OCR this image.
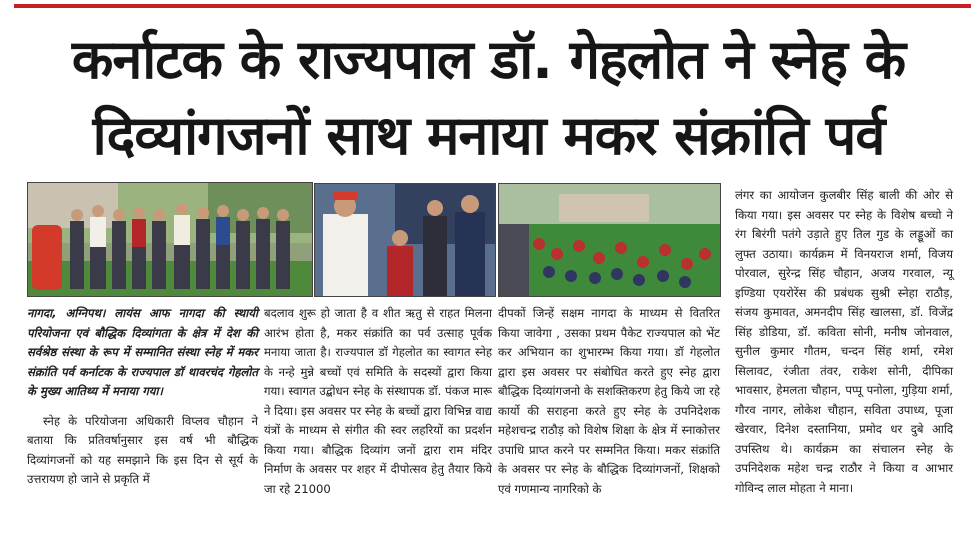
कर्नाटक के राज्यपाल डॉ. गेहलोत ने स्नेह के
दिव्यांगजनों साथ मनाया मकर संक्रांति पर्व

नागदा, अग्निपथ। लायंस आफ नागदा की स्थायी परियोजना एवं बौद्धिक दिव्यांगता के क्षेत्र में देश की सर्वश्रेष्ठ संस्था के रूप में सम्मानित संस्था स्नेह में मकर संक्रांति पर्व कर्नाटक के राज्यपाल डॉ थावरचंद गेहलोत के मुख्य आतिथ्य में मनाया गया।

स्नेह के परियोजना अधिकारी विप्लव चौहान ने बताया कि प्रतिवर्षानुसार इस वर्ष भी बौद्धिक दिव्यांगजनों को यह समझाने कि इस दिन से सूर्य के उत्तरायण हो जाने से प्रकृति में

बदलाव शुरू हो जाता है व शीत ऋतु से राहत मिलना आरंभ होता है, मकर संक्रांति का पर्व उत्साह पूर्वक मनाया जाता है। राज्यपाल डॉ गेहलोत का स्वागत स्नेह के नन्हे मुन्ने बच्चों एवं समिति के सदस्यों द्वारा किया गया। स्वागत उद्बोधन स्नेह के संस्थापक डॉ. पंकज मारू ने दिया। इस अवसर पर स्नेह के बच्चों द्वारा विभिन्न वाद्य यंत्रों के माध्यम से संगीत की स्वर लहरियों का प्रदर्शन किया गया। बौद्धिक दिव्यांग जनों द्वारा राम मंदिर निर्माण के अवसर पर शहर में दीपोत्सव हेतु तैयार किये जा रहे 21000

दीपकों जिन्हें सक्षम नागदा के माध्यम से वितरित किया जावेगा , उसका प्रथम पैकेट राज्यपाल को भेंट कर अभियान का शुभारम्भ किया गया। डॉ गेहलोत द्वारा इस अवसर पर संबोधित करते हुए स्नेह द्वारा बौद्धिक दिव्यांगजनो के सशक्तिकरण हेतु किये जा रहे कार्यो की सराहना करते हुए स्नेह के उपनिदेशक महेशचन्द्र राठौड़ को विशेष शिक्षा के क्षेत्र में स्नाकोत्तर उपाधि प्राप्त करने पर सम्मनित किया। मकर संक्रांति के अवसर पर स्नेह के बौद्धिक दिव्यांगजनों, शिक्षको एवं गणमान्य नागरिको के

लंगर का आयोजन कुलबीर सिंह बाली की ओर से किया गया। इस अवसर पर स्नेह के विशेष बच्चो ने रंग बिरंगी पतंगे उड़ाते हुए तिल गुड के लड्डूओं का लुफ्त उठाया। कार्यक्रम में विनयराज शर्मा, विजय पोरवाल, सुरेन्द्र सिंह चौहान, अजय गरवाल, न्यू इण्डिया एयरोरेंस की प्रबंधक सुश्री स्नेहा राठौड़, संजय कुमावत, अमनदीप सिंह खालसा, डॉ. विजेंद्र सिंह डोडिया, डॉ. कविता सोनी, मनीष जोनवाल, सुनील कुमार गौतम, चन्दन सिंह शर्मा, रमेश सिलावट, रंजीता तंवर, राकेश सोनी, दीपिका भावसार, हेमलता चौहान, पप्पू पनोला, गुड़िया शर्मा, गौरव नागर, लोकेश चौहान, सविता उपाध्य, पूजा खेरवार, दिनेश दस्तानिया, प्रमोद धर दुबे आदि उपस्तिथ थे। कार्यक्रम का संचालन स्नेह के उपनिदेशक महेश चन्द्र राठौर ने किया व आभार गोविन्द लाल मोहता ने माना।
